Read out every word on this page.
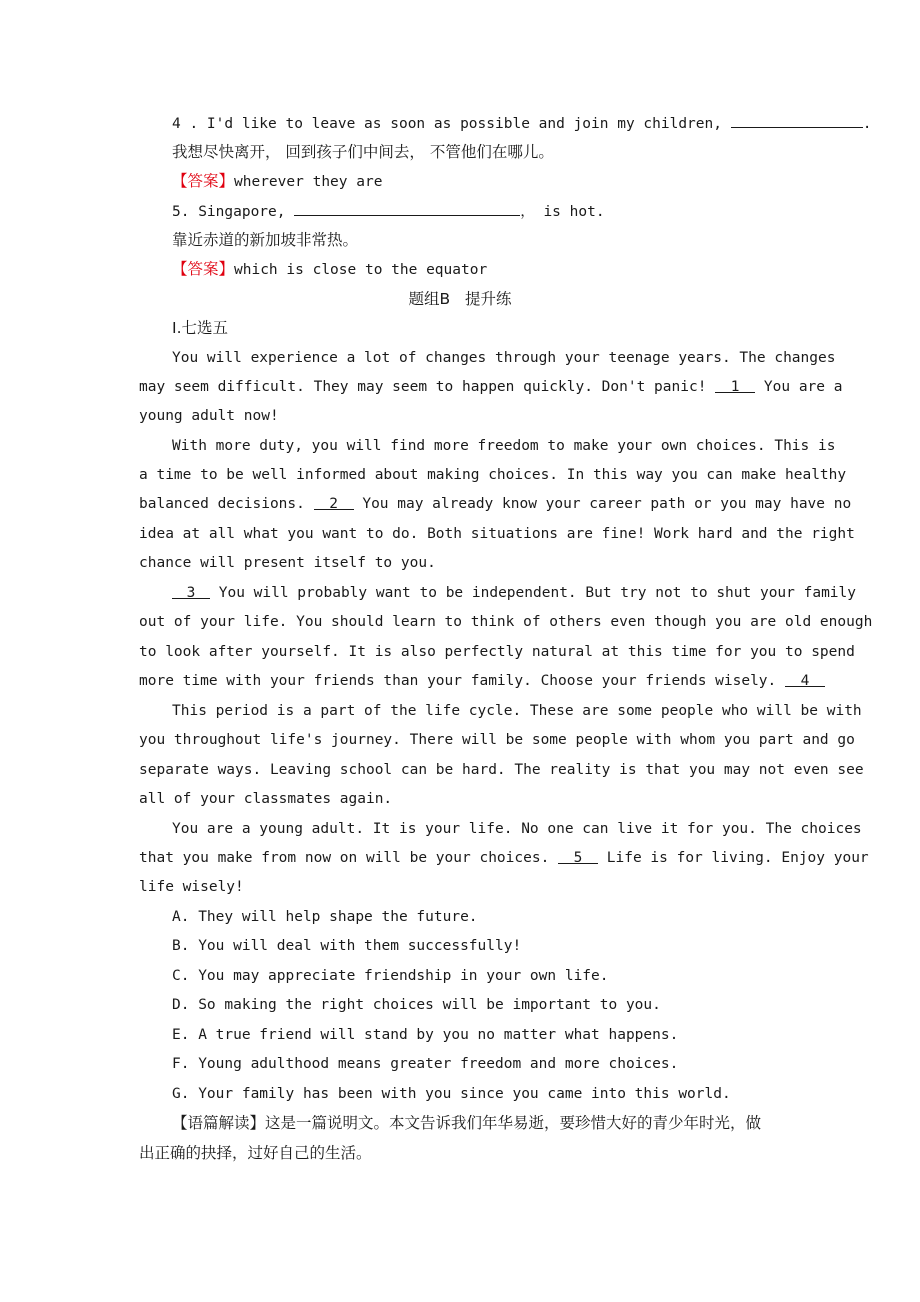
4 . I'd like to leave as soon as possible and join my children,	.
我想尽快离开， 回到孩子们中间去， 不管他们在哪儿。
【答案】wherever they are
5. Singapore,	， is hot.
靠近赤道的新加坡非常热。
【答案】which is close to the equator
题组B   提升练
Ⅰ.七选五
You will experience a lot of changes through your teenage years. The changes
may seem difficult. They may seem to happen quickly. Don't panic! 1 You are a
young adult now!
With more duty, you will find more freedom to make your own choices. This is
a time to be well informed about making choices. In this way you can make healthy
balanced decisions. 2 You may already know your career path or you may have no
idea at all what you want to do. Both situations are fine! Work hard and the right
chance will present itself to you.
3 You will probably want to be independent. But try not to shut your family
out of your life. You should learn to think of others even though you are old enough
to look after yourself. It is also perfectly natural at this time for you to spend
more time with your friends than your family. Choose your friends wisely. 4
This period is a part of the life cycle. These are some people who will be with
you throughout life's journey. There will be some people with whom you part and go
separate ways. Leaving school can be hard. The reality is that you may not even see
all of your classmates again.
You are a young adult. It is your life. No one can live it for you. The choices
that you make from now on will be your choices. 5 Life is for living. Enjoy your
life wisely!
A. They will help shape the future.
B. You will deal with them successfully!
C. You may appreciate friendship in your own life.
D. So making the right choices will be important to you.
E. A true friend will stand by you no matter what happens.
F. Young adulthood means greater freedom and more choices.
G. Your family has been with you since you came into this world.
【语篇解读】这是一篇说明文。本文告诉我们年华易逝，要珍惜大好的青少年时光，做
出正确的抉择，过好自己的生活。
